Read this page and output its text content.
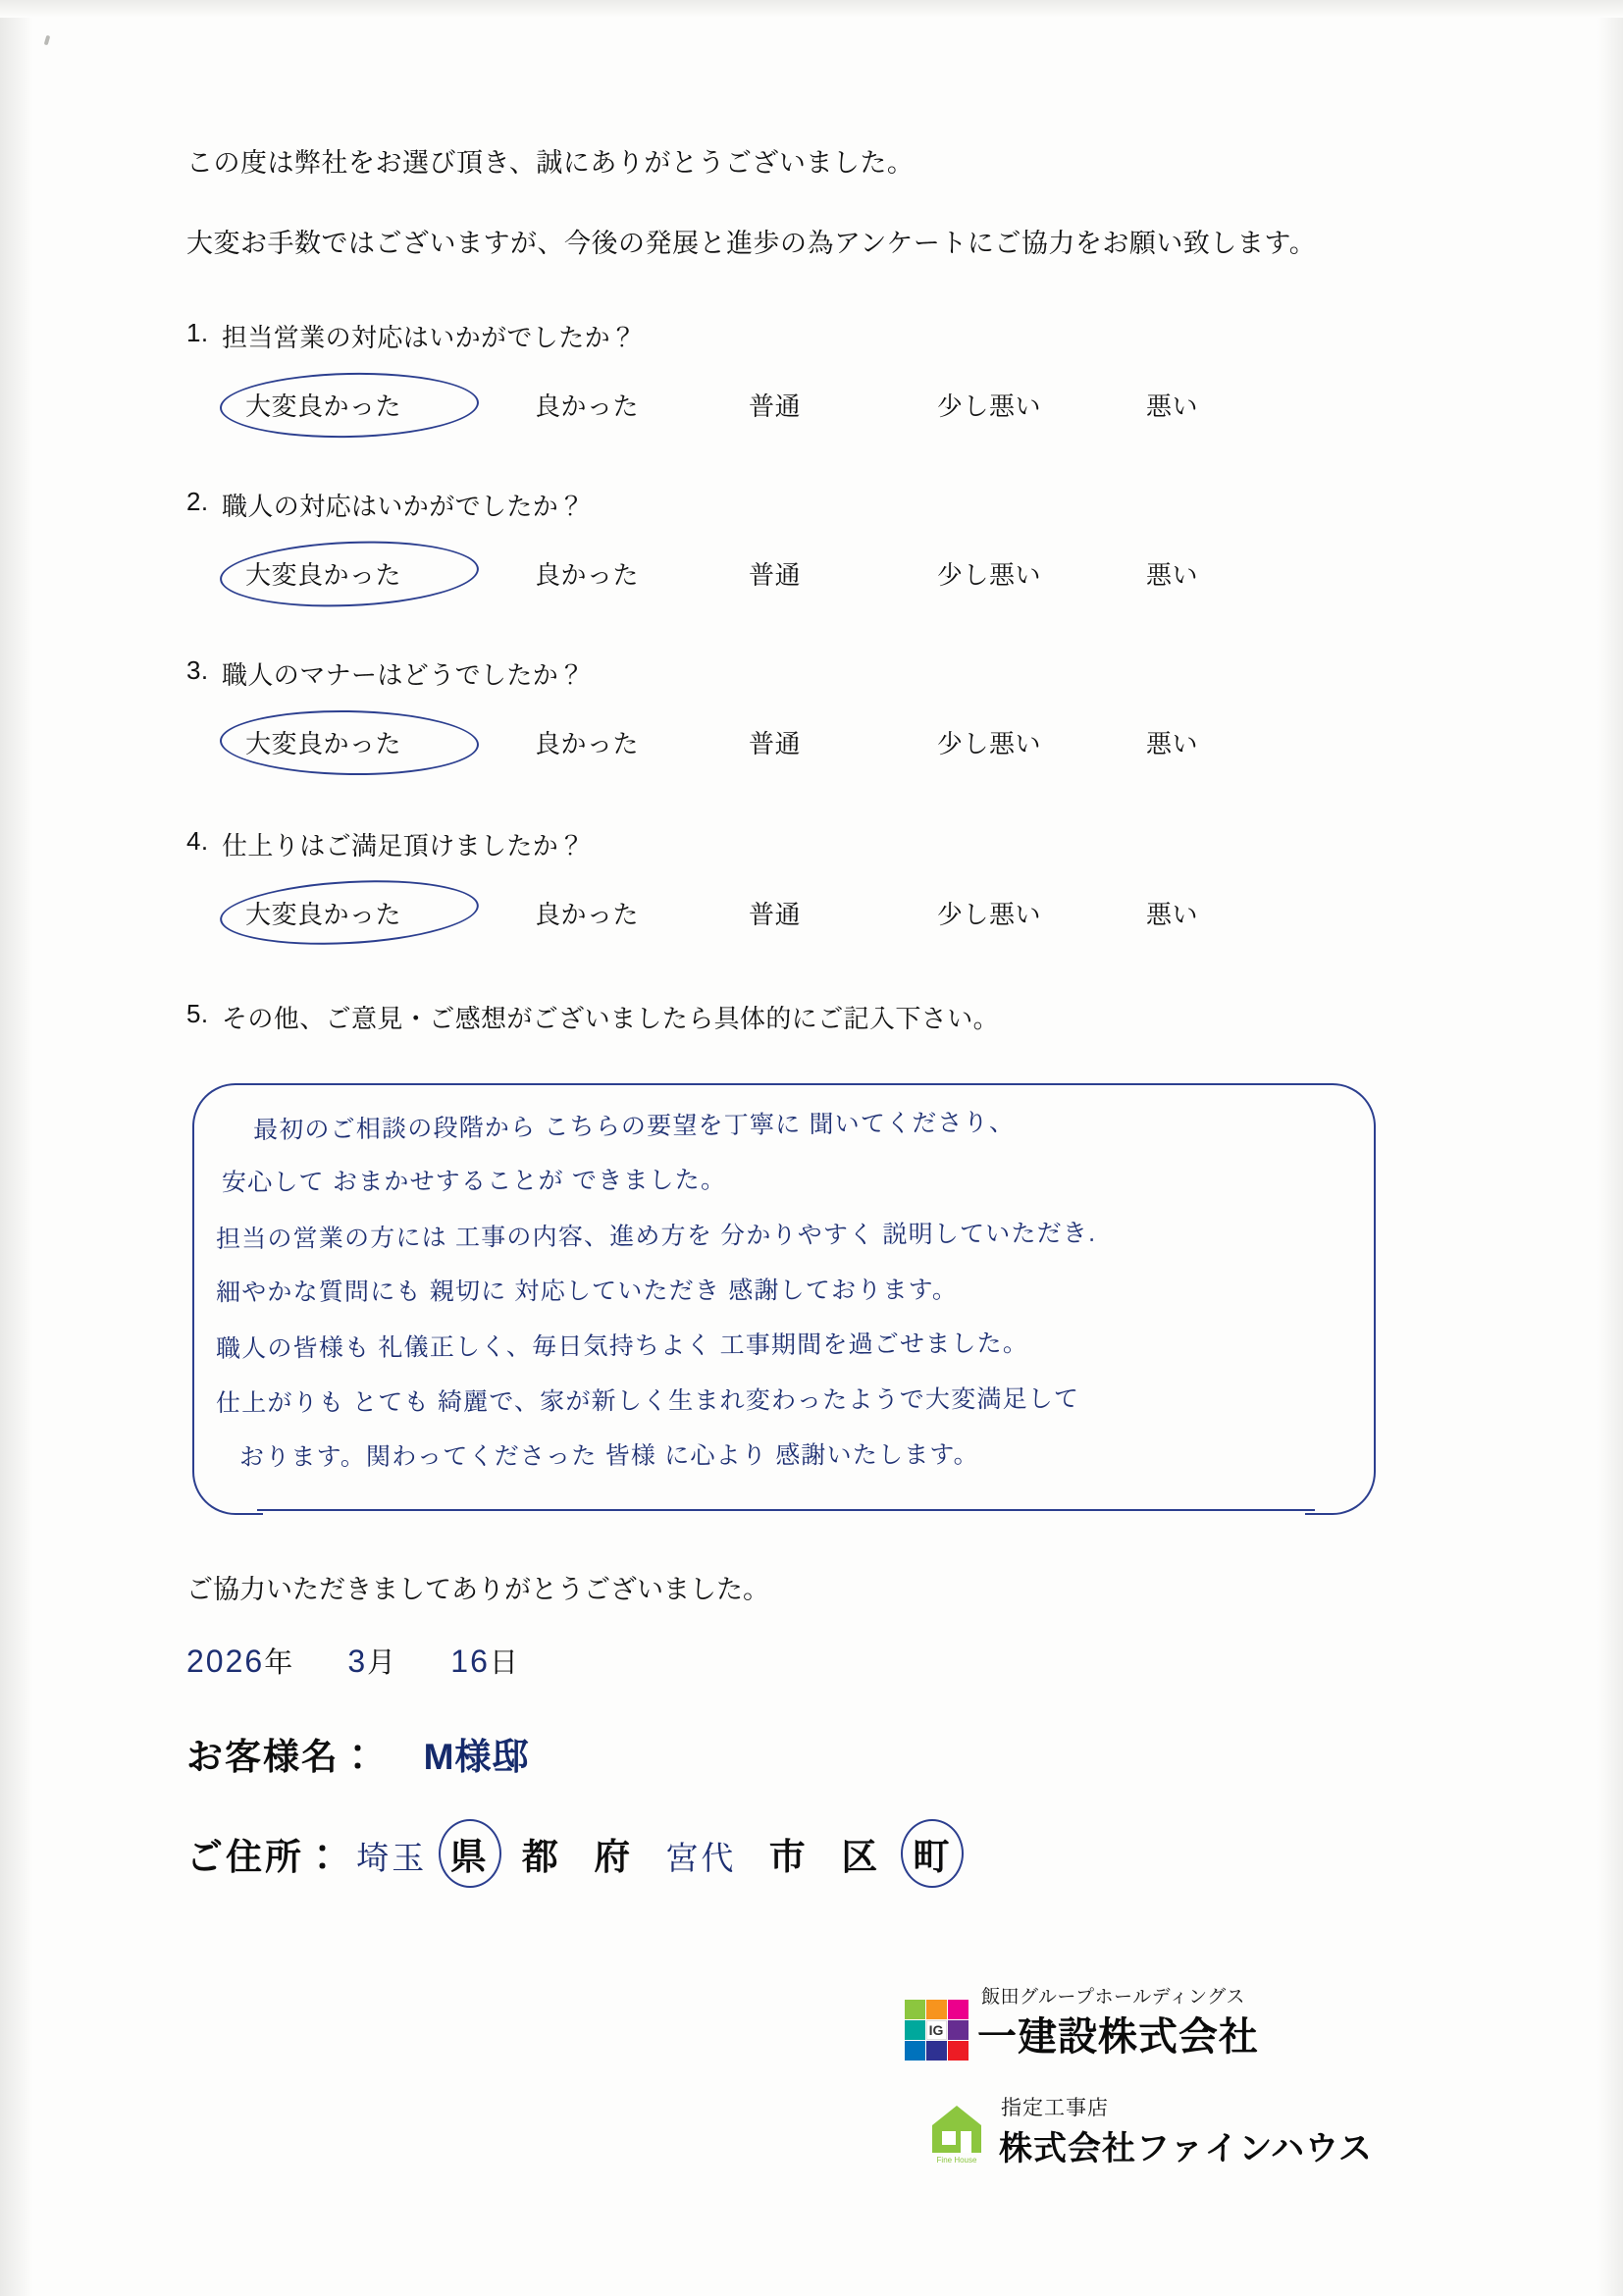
この度は弊社をお選び頂き、誠にありがとうございました。
大変お手数ではございますが、今後の発展と進歩の為アンケートにご協力をお願い致します。
1. 担当営業の対応はいかがでしたか？
大変良かった	良かった	普通	少し悪い	悪い
2. 職人の対応はいかがでしたか？
大変良かった	良かった	普通	少し悪い	悪い
3. 職人のマナーはどうでしたか？
大変良かった	良かった	普通	少し悪い	悪い
4. 仕上りはご満足頂けましたか？
大変良かった	良かった	普通	少し悪い	悪い
5. その他、ご意見・ご感想がございましたら具体的にご記入下さい。
最初のご相談の段階から こちらの要望を丁寧に 聞いてくださり、
安心して おまかせすることが できました。
担当の営業の方には 工事の内容、進め方を 分かりやすく 説明していただき.
細やかな質問にも 親切に 対応していただき 感謝しております。
職人の皆様も 礼儀正しく、毎日気持ちよく 工事期間を過ごせました。
仕上がりも とても 綺麗で、家が新しく生まれ変わったようで大変満足して
おります。関わってくださった 皆様 に心より 感謝いたします。
ご協力いただきましてありがとうございました。
2026年 3月 16日
お客様名： M様邸
ご住所： 埼玉 県 都 府 宮代 市 区 町
IG
飯田グループホールディングス
一建設株式会社
Fine House
指定工事店
株式会社ファインハウス
